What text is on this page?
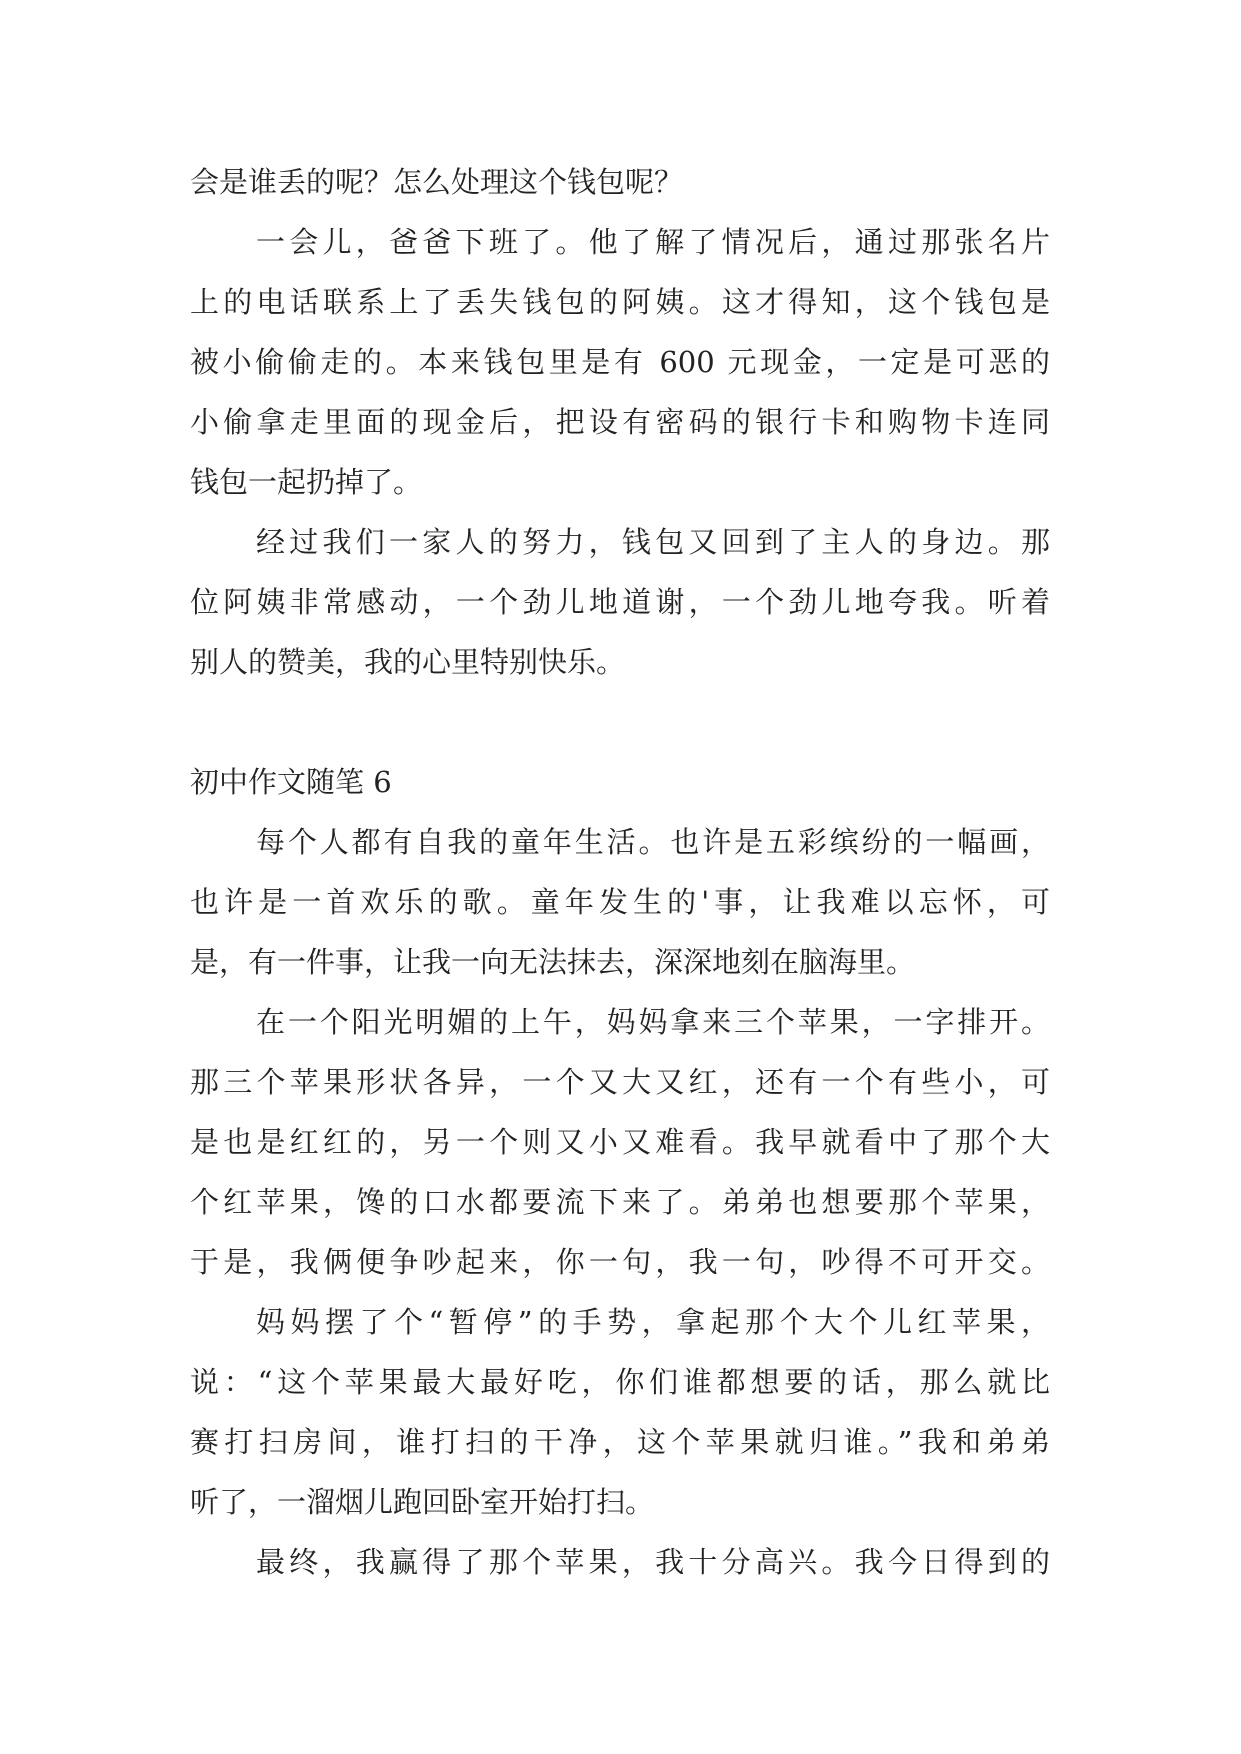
会是谁丢的呢？怎么处理这个钱包呢？
一会儿，爸爸下班了。他了解了情况后，通过那张名片
上的电话联系上了丢失钱包的阿姨。这才得知，这个钱包是
被小偷偷走的。本来钱包里是有 600 元现金，一定是可恶的
小偷拿走里面的现金后，把设有密码的银行卡和购物卡连同
钱包一起扔掉了。
经过我们一家人的努力，钱包又回到了主人的身边。那
位阿姨非常感动，一个劲儿地道谢，一个劲儿地夸我。听着
别人的赞美，我的心里特别快乐。
初中作文随笔 6
每个人都有自我的童年生活。也许是五彩缤纷的一幅画，
也许是一首欢乐的歌。童年发生的'事，让我难以忘怀，可
是，有一件事，让我一向无法抹去，深深地刻在脑海里。
在一个阳光明媚的上午，妈妈拿来三个苹果，一字排开。
那三个苹果形状各异，一个又大又红，还有一个有些小，可
是也是红红的，另一个则又小又难看。我早就看中了那个大
个红苹果，馋的口水都要流下来了。弟弟也想要那个苹果，
于是，我俩便争吵起来，你一句，我一句，吵得不可开交。
妈妈摆了个“暂停”的手势，拿起那个大个儿红苹果，
说：“这个苹果最大最好吃，你们谁都想要的话，那么就比
赛打扫房间，谁打扫的干净，这个苹果就归谁。”我和弟弟
听了，一溜烟儿跑回卧室开始打扫。
最终，我赢得了那个苹果，我十分高兴。我今日得到的
